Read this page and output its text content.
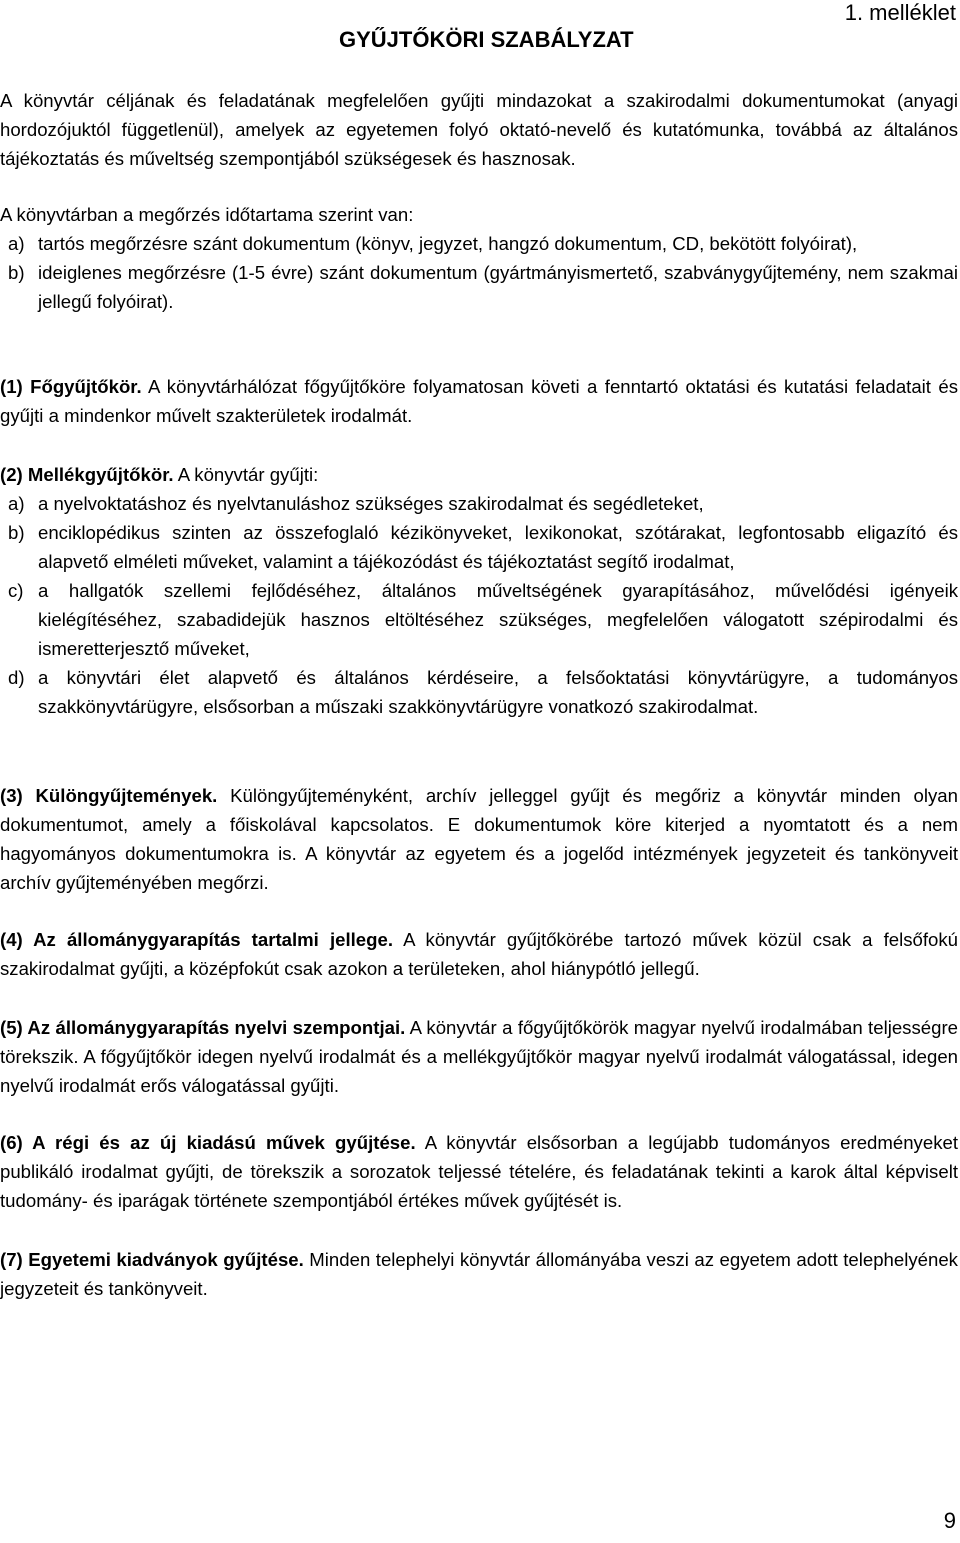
1. melléklet
GYŰJTŐKÖRI SZABÁLYZAT
A könyvtár céljának és feladatának megfelelően gyűjti mindazokat a szakirodalmi dokumentumokat (anyagi hordozójuktól függetlenül), amelyek az egyetemen folyó oktató-nevelő és kutatómunka, továbbá az általános tájékoztatás és műveltség szempontjából szükségesek és hasznosak.
A könyvtárban a megőrzés időtartama szerint van:
a) tartós megőrzésre szánt dokumentum (könyv, jegyzet, hangzó dokumentum, CD, bekötött folyóirat),
b) ideiglenes megőrzésre (1-5 évre) szánt dokumentum (gyártmányismertető, szabványgyűjtemény, nem szakmai jellegű folyóirat).
(1) Főgyűjtőkör. A könyvtárhálózat főgyűjtőköre folyamatosan követi a fenntartó oktatási és kutatási feladatait és gyűjti a mindenkor művelt szakterületek irodalmát.
(2) Mellékgyűjtőkör. A könyvtár gyűjti:
a) a nyelvoktatáshoz és nyelvtanuláshoz szükséges szakirodalmat és segédleteket,
b) enciklopédikus szinten az összefoglaló kézikönyveket, lexikonokat, szótárakat, legfontosabb eligazító és alapvető elméleti műveket, valamint a tájékozódást és tájékoztatást segítő irodalmat,
c) a hallgatók szellemi fejlődéséhez, általános műveltségének gyarapításához, művelődési igényeik kielégítéséhez, szabadidejük hasznos eltöltéséhez szükséges, megfelelően válogatott szépirodalmi és ismeretterjesztő műveket,
d) a könyvtári élet alapvető és általános kérdéseire, a felsőoktatási könyvtárügyre, a tudományos szakkönyvtárügyre, elsősorban a műszaki szakkönyvtárügyre vonatkozó szakirodalmat.
(3) Különgyűjtemények. Különgyűjteményként, archív jelleggel gyűjt és megőriz a könyvtár minden olyan dokumentumot, amely a főiskolával kapcsolatos. E dokumentumok köre kiterjed a nyomtatott és a nem hagyományos dokumentumokra is. A könyvtár az egyetem és a jogelőd intézmények jegyzeteit és tankönyveit archív gyűjteményében megőrzi.
(4) Az állománygyarapítás tartalmi jellege. A könyvtár gyűjtőkörébe tartozó művek közül csak a felsőfokú szakirodalmat gyűjti, a középfokút csak azokon a területeken, ahol hiánypótló jellegű.
(5) Az állománygyarapítás nyelvi szempontjai. A könyvtár a főgyűjtőkörök magyar nyelvű irodalmában teljességre törekszik. A főgyűjtőkör idegen nyelvű irodalmát és a mellékgyűjtőkör magyar nyelvű irodalmát válogatással, idegen nyelvű irodalmát erős válogatással gyűjti.
(6) A régi és az új kiadású művek gyűjtése. A könyvtár elsősorban a legújabb tudományos eredményeket publikáló irodalmat gyűjti, de törekszik a sorozatok teljessé tételére, és feladatának tekinti a karok által képviselt tudomány- és iparágak története szempontjából értékes művek gyűjtését is.
(7) Egyetemi kiadványok gyűjtése. Minden telephelyi könyvtár állományába veszi az egyetem adott telephelyének jegyzeteit és tankönyveit.
9
